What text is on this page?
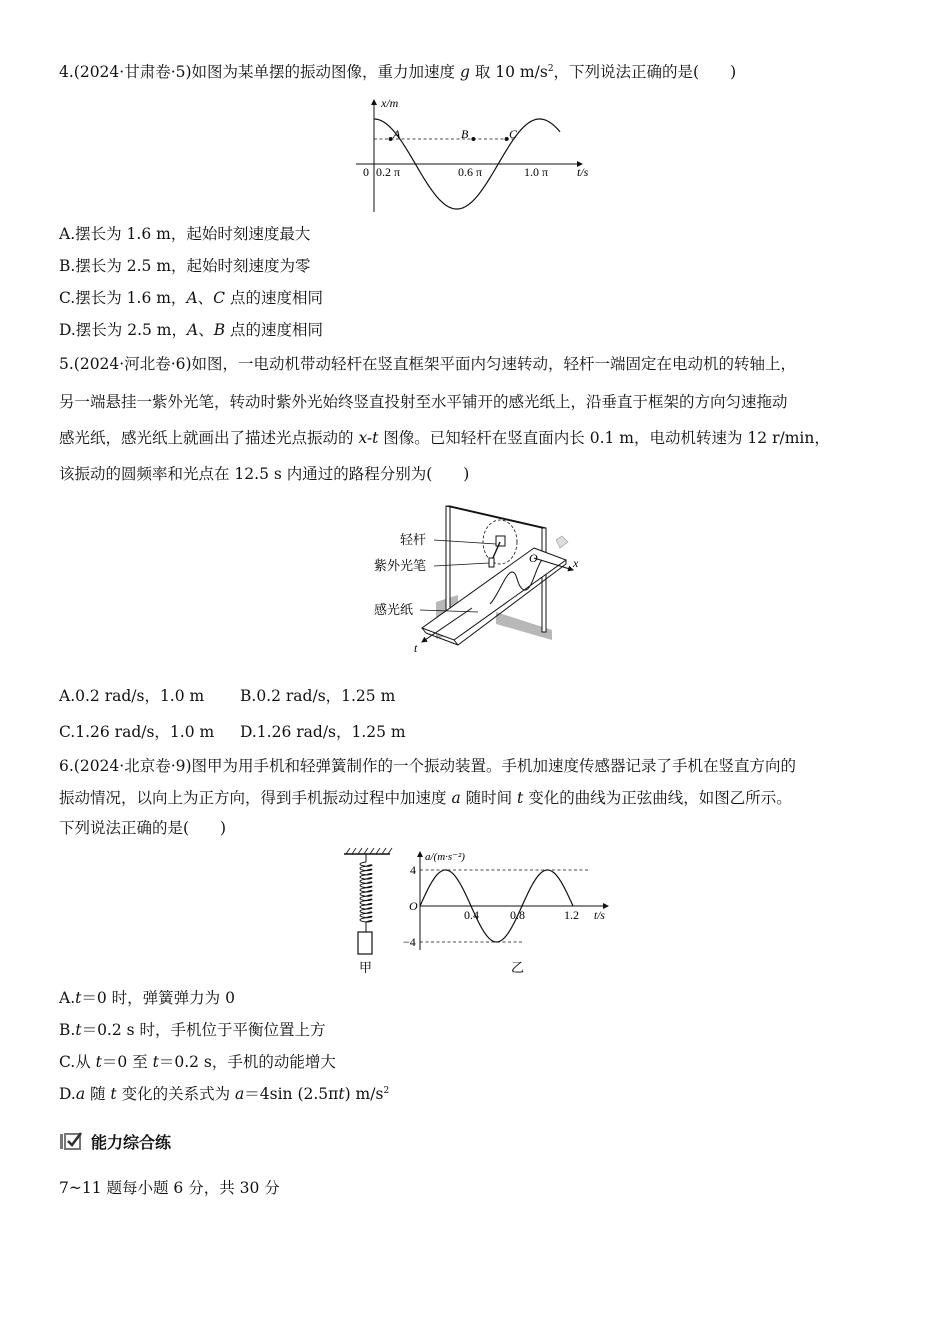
4.(2024·甘肃卷·5)如图为某单摆的振动图像，重力加速度 g 取 10 $m/s^2$，下列说法正确的是(　　)
x/m
t/s
0 0.2 π	0.6 π	1.0 π
A	B	C
A.摆长为 1.6 m，起始时刻速度最大
B.摆长为 2.5 m，起始时刻速度为零
C.摆长为 1.6 m，A、C 点的速度相同
D.摆长为 2.5 m，A、B 点的速度相同
5.(2024·河北卷·6)如图，一电动机带动轻杆在竖直框架平面内匀速转动，轻杆一端固定在电动机的转轴上，
另一端悬挂一紫外光笔，转动时紫外光始终竖直投射至水平铺开的感光纸上，沿垂直于框架的方向匀速拖动
感光纸，感光纸上就画出了描述光点振动的 x-t 图像。已知轻杆在竖直面内长 0.1 m，电动机转速为 12 r/min，
该振动的圆频率和光点在 12.5 s 内通过的路程分别为(　　)
轻杆
紫外光笔
感光纸
O	x
t
A.0.2 rad/s，1.0 m B.0.2 rad/s，1.25 m
C.1.26 rad/s，1.0 m D.1.26 rad/s，1.25 m
6.(2024·北京卷·9)图甲为用手机和轻弹簧制作的一个振动装置。手机加速度传感器记录了手机在竖直方向的
振动情况，以向上为正方向，得到手机振动过程中加速度 a 随时间 t 变化的曲线为正弦曲线，如图乙所示。
下列说法正确的是(　　)
甲
a/(m·s⁻²)
t/s
O
4
−4
0.4	0.8	1.2
乙
A.t＝0 时，弹簧弹力为 0
B.t＝0.2 s 时，手机位于平衡位置上方
C.从 t＝0 至 t＝0.2 s，手机的动能增大
D.a 随 t 变化的关系式为 a＝4sin (2.5πt) $m/s^2$
能力综合练
7~11 题每小题 6 分，共 30 分
